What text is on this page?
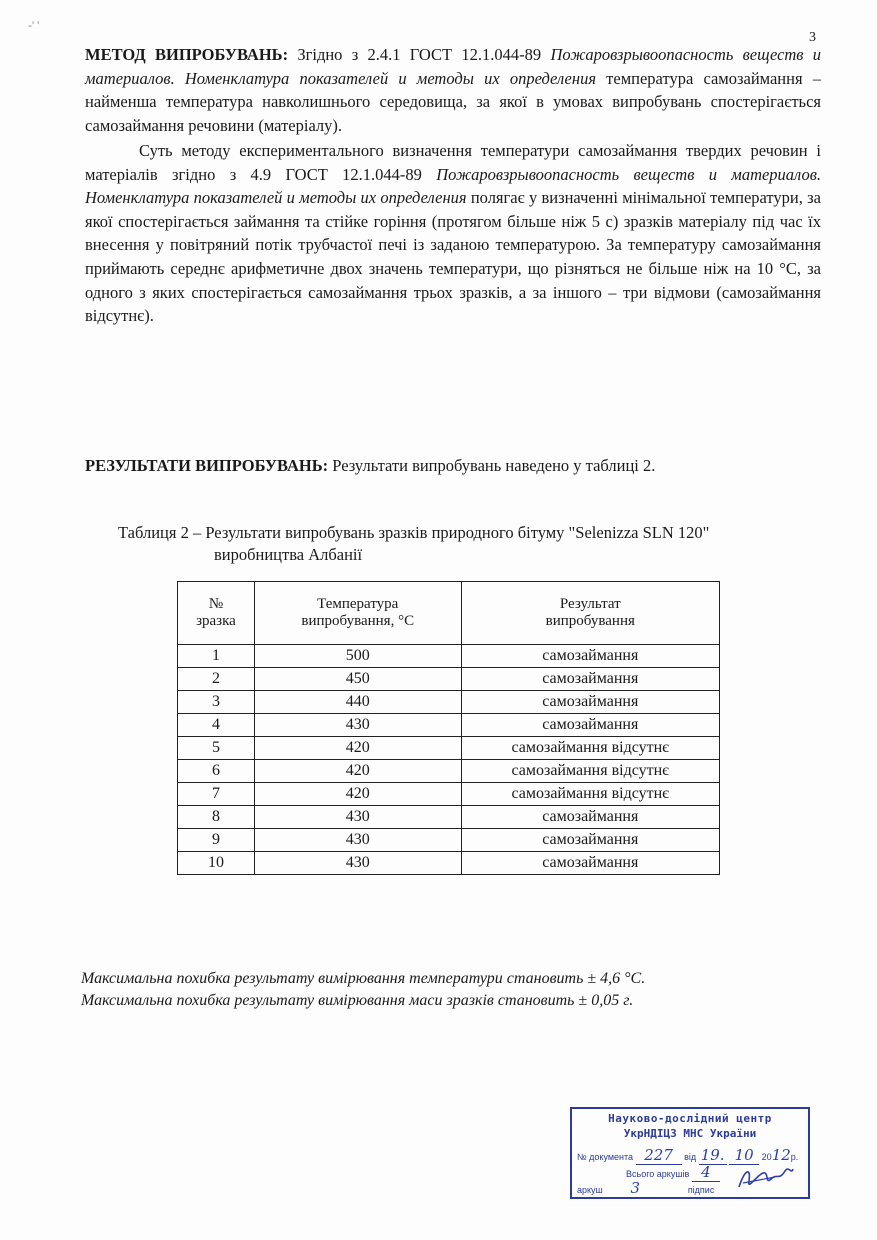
3
-' '
МЕТОД ВИПРОБУВАНЬ: Згідно з 2.4.1 ГОСТ 12.1.044-89 Пожаровзрывоопасность веществ и материалов. Номенклатура показателей и методы их определения температура самозаймання – найменша температура навколишнього середовища, за якої в умовах випробувань спостерігається самозаймання речовини (матеріалу).
Суть методу експериментального визначення температури самозаймання твердих речовин і матеріалів згідно з 4.9 ГОСТ 12.1.044-89 Пожаровзрывоопасность веществ и материалов. Номенклатура показателей и методы их определения полягає у визначенні мінімальної температури, за якої спостерігається займання та стійке горіння (протягом більше ніж 5 с) зразків матеріалу під час їх внесення у повітряний потік трубчастої печі із заданою температурою. За температуру самозаймання приймають середнє арифметичне двох значень температури, що різняться не більше ніж на 10 °С, за одного з яких спостерігається самозаймання трьох зразків, а за іншого – три відмови (самозаймання відсутнє).
РЕЗУЛЬТАТИ ВИПРОБУВАНЬ: Результати випробувань наведено у таблиці 2.
Таблиця 2 – Результати випробувань зразків природного бітуму "Selenizza SLN 120"
виробництва Албанії
№ зразка	Температура випробування, °С	Результат випробування
1	500	самозаймання
2	450	самозаймання
3	440	самозаймання
4	430	самозаймання
5	420	самозаймання відсутнє
6	420	самозаймання відсутнє
7	420	самозаймання відсутнє
8	430	самозаймання
9	430	самозаймання
10	430	самозаймання
Максимальна похибка результату вимірювання температури становить ± 4,6 °С.
Максимальна похибка результату вимірювання маси зразків становить ± 0,05 г.
Науково-дослідний центр
УкрНДІЦЗ МНС України
№ документа 227 від 19. 10 2012р.
Всього аркушів 4
аркуш 3	підпис
